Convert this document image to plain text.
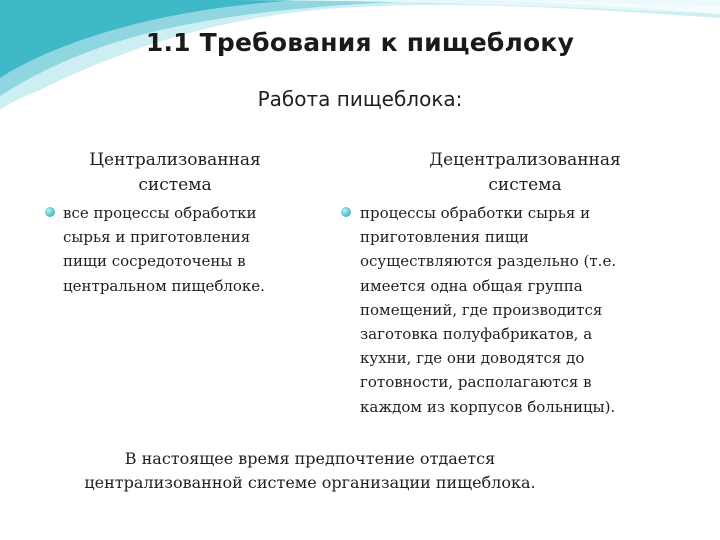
1.1 Требования к пищеблоку
Работа пищеблока:
Централизованная
система
Децентрализованная
система
все процессы обработки
сырья и приготовления
пищи сосредоточены в
центральном пищеблоке.
процессы обработки сырья и
приготовления пищи
осуществляются раздельно (т.е.
имеется одна общая группа
помещений, где производится
заготовка полуфабрикатов, а
кухни, где они доводятся до
готовности, располагаются в
каждом из корпусов больницы).
В настоящее время предпочтение отдается
централизованной системе организации пищеблока.
